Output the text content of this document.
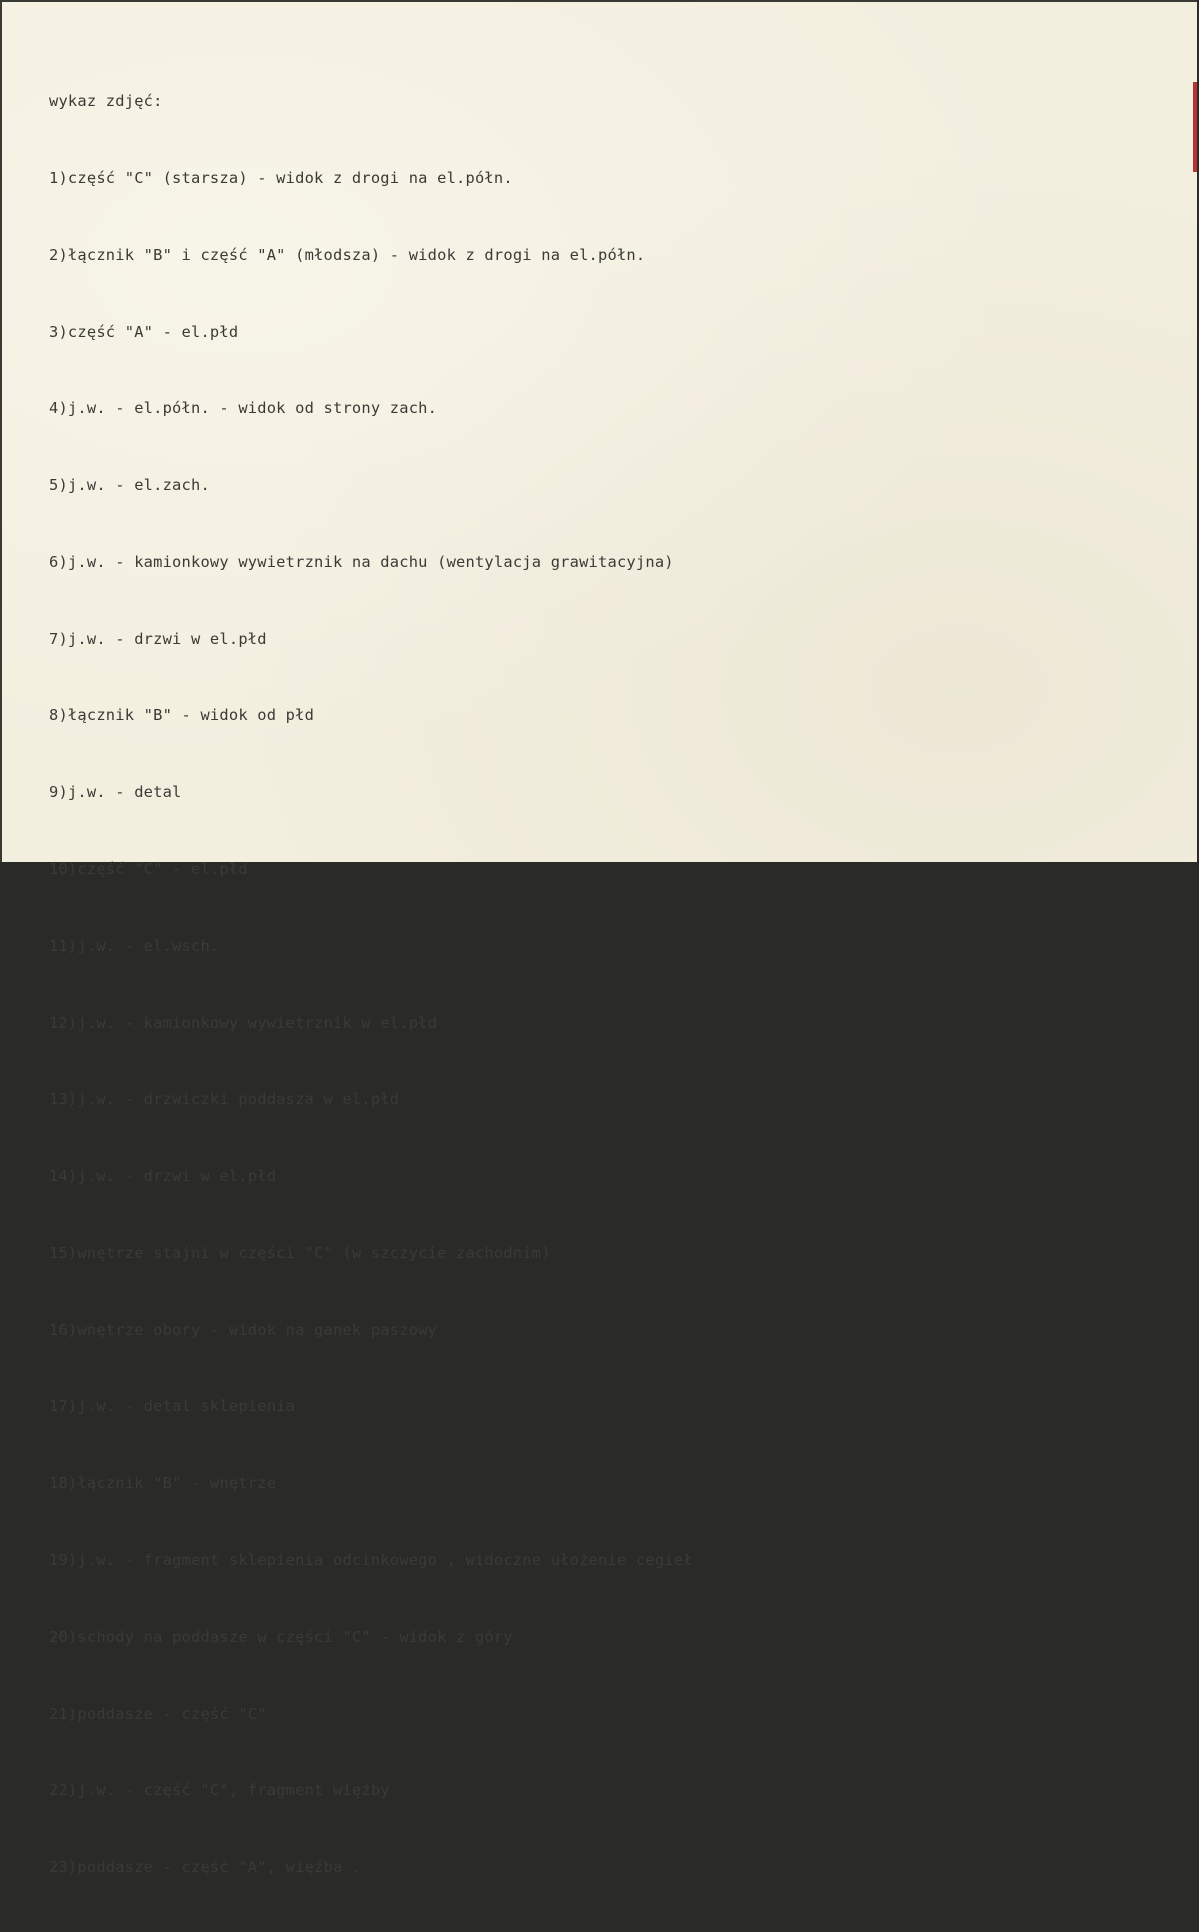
wykaz zdjęć:

1)część "C" (starsza) - widok z drogi na el.półn.

2)łącznik "B" i część "A" (młodsza) - widok z drogi na el.półn.

3)część "A" - el.płd

4)j.w. - el.półn. - widok od strony zach.

5)j.w. - el.zach.

6)j.w. - kamionkowy wywietrznik na dachu (wentylacja grawitacyjna)

7)j.w. - drzwi w el.płd

8)łącznik "B" - widok od płd

9)j.w. - detal

10)część "C" - el.płd

11)j.w. - el.wsch.

12)j.w. - kamionkowy wywietrznik w el.płd

13)j.w. - drzwiczki poddasza w el.płd

14)j.w. - drzwi w el.płd

15)wnętrze stajni w części "C" (w szczycie zachodnim)

16)wnętrze obory - widok na ganek paszowy

17)j.w. - detal sklepienia

18)łącznik "B" - wnętrze

19)j.w. - fragment sklepienia odcinkowego , widoczne ułożenie cegieł

20)schody na poddasze w części "C" - widok z góry

21)poddasze - część "C"

22)j.w. - część "C", fragment więźby

23)poddasze - część "A", więźba .
